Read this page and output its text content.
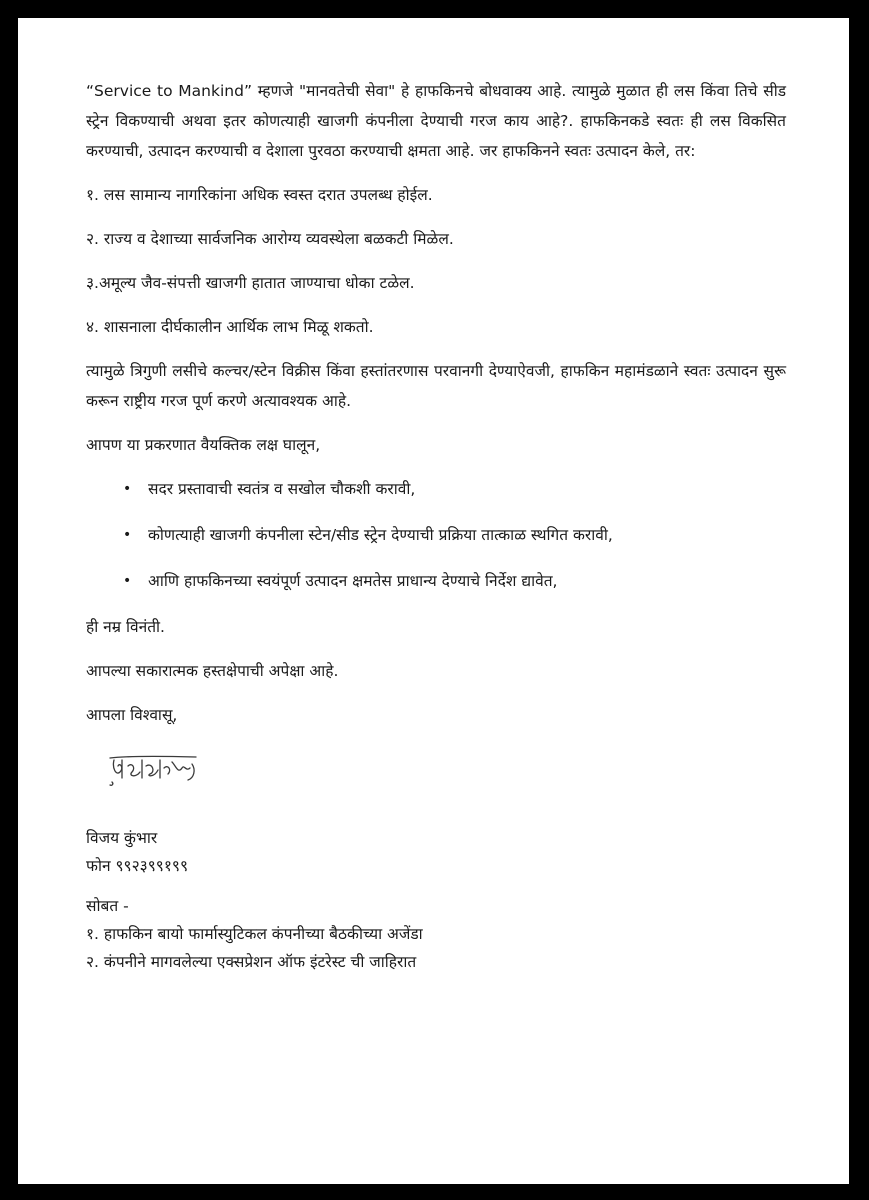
“Service to Mankind” म्हणजे "मानवतेची सेवा" हे हाफकिनचे बोधवाक्य आहे. त्यामुळे मुळात ही लस किंवा तिचे सीड स्ट्रेन विकण्याची अथवा इतर कोणत्याही खाजगी कंपनीला देण्याची गरज काय आहे?. हाफकिनकडे स्वतः ही लस विकसित करण्याची, उत्पादन करण्याची व देशाला पुरवठा करण्याची क्षमता आहे. जर हाफकिनने स्वतः उत्पादन केले, तर:

१. लस सामान्य नागरिकांना अधिक स्वस्त दरात उपलब्ध होईल.
२. राज्य व देशाच्या सार्वजनिक आरोग्य व्यवस्थेला बळकटी मिळेल.
३.अमूल्य जैव-संपत्ती खाजगी हातात जाण्याचा धोका टळेल.
४. शासनाला दीर्घकालीन आर्थिक लाभ मिळू शकतो.

त्यामुळे त्रिगुणी लसीचे कल्चर/स्टेन विक्रीस किंवा हस्तांतरणास परवानगी देण्याऐवजी, हाफकिन महामंडळाने स्वतः उत्पादन सुरू करून राष्ट्रीय गरज पूर्ण करणे अत्यावश्यक आहे.

आपण या प्रकरणात वैयक्तिक लक्ष घालून,
• सदर प्रस्तावाची स्वतंत्र व सखोल चौकशी करावी,
• कोणत्याही खाजगी कंपनीला स्टेन/सीड स्ट्रेन देण्याची प्रक्रिया तात्काळ स्थगित करावी,
• आणि हाफकिनच्या स्वयंपूर्ण उत्पादन क्षमतेस प्राधान्य देण्याचे निर्देश द्यावेत,
ही नम्र विनंती.
आपल्या सकारात्मक हस्तक्षेपाची अपेक्षा आहे.
आपला विश्वासू,

विजय कुंभार

फोन ९९२३९९१९९

सोबत -

१. हाफकिन बायो फार्मास्युटिकल कंपनीच्या बैठकीच्या अजेंडा

२. कंपनीने मागवलेल्या एक्सप्रेशन ऑफ इंटरेस्ट ची जाहिरात
